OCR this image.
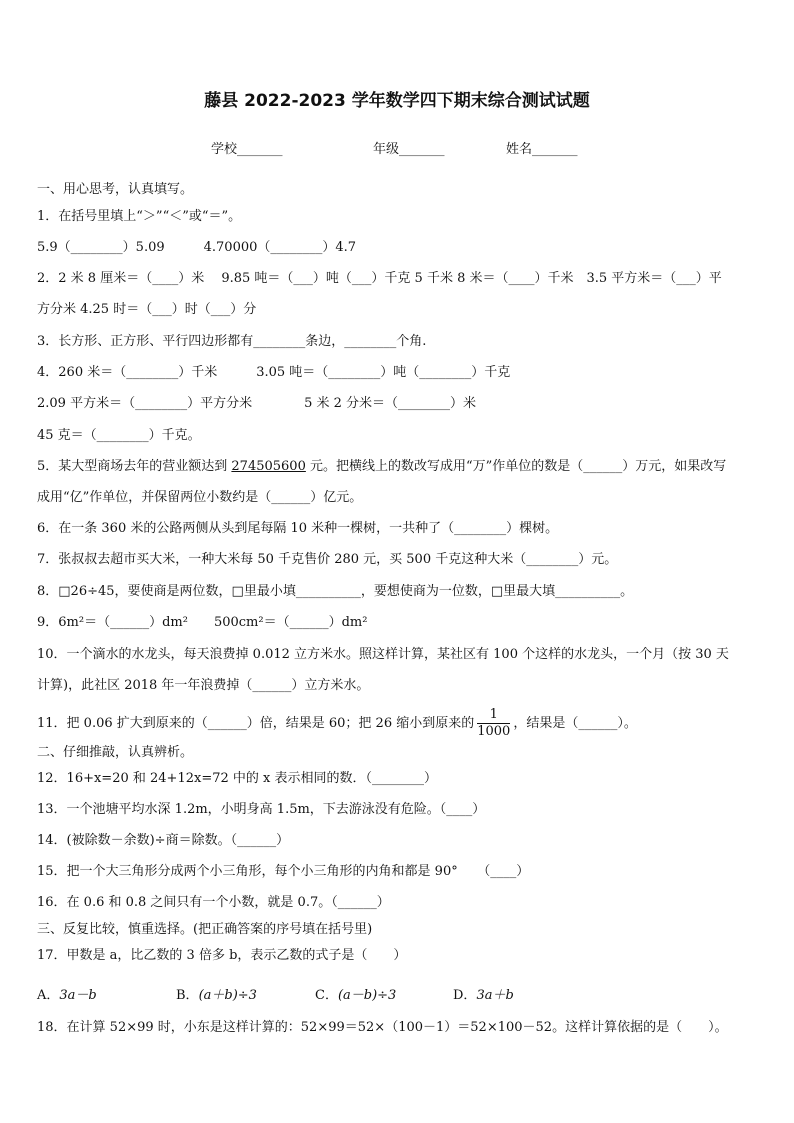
藤县 2022-2023 学年数学四下期末综合测试试题
学校_______	年级_______	姓名_______
一、用心思考，认真填写。
1．在括号里填上“＞”“＜”或“＝”。
5.9（________）5.09　　　4.70000（________）4.7
2．2 米 8 厘米＝（____）米　 9.85 吨＝（___）吨（___）千克 5 千米 8 米＝（____）千米　3.5 平方米＝（___）平
方分米 4.25 时＝（___）时（___）分
3．长方形、正方形、平行四边形都有________条边，________个角.
4．260 米＝（________）千米　　　3.05 吨＝（________）吨（________）千克
2.09 平方米＝（________）平方分米　　　　5 米 2 分米＝（________）米
45 克＝（________）千克。
5．某大型商场去年的营业额达到 274505600 元。把横线上的数改写成用“万”作单位的数是（______）万元，如果改写
成用“亿”作单位，并保留两位小数约是（______）亿元。
6．在一条 360 米的公路两侧从头到尾每隔 10 米种一棵树，一共种了（________）棵树。
7．张叔叔去超市买大米，一种大米每 50 千克售价 280 元，买 500 千克这种大米（________）元。
8．□26÷45，要使商是两位数，□里最小填__________，要想使商为一位数，□里最大填__________。
9．6m²＝（______）dm²　　500cm²＝（______）dm²
10．一个滴水的水龙头，每天浪费掉 0.012 立方米水。照这样计算，某社区有 100 个这样的水龙头，一个月（按 30 天
计算)，此社区 2018 年一年浪费掉（______）立方米水。
11．把 0.06 扩大到原来的（______）倍，结果是 60；把 26 缩小到原来的 $\frac{1}{1000}$ ，结果是（______）。
二、仔细推敲，认真辨析。
12．16+x=20 和 24+12x=72 中的 x 表示相同的数．（________）
13．一个池塘平均水深 1.2m，小明身高 1.5m，下去游泳没有危险。（____）
14．(被除数－余数)÷商＝除数。（______）
15．把一个大三角形分成两个小三角形，每个小三角形的内角和都是 90°　　（____）
16．在 0.6 和 0.8 之间只有一个小数，就是 0.7。（______）
三、反复比较，慎重选择。(把正确答案的序号填在括号里)
17．甲数是 a，比乙数的 3 倍多 b，表示乙数的式子是（　　）
A．3a－b	B．(a＋b)÷3	C．(a－b)÷3	D．3a＋b
18．在计算 52×99 时，小东是这样计算的：52×99＝52×（100－1）＝52×100－52。这样计算依据的是（　　）。
